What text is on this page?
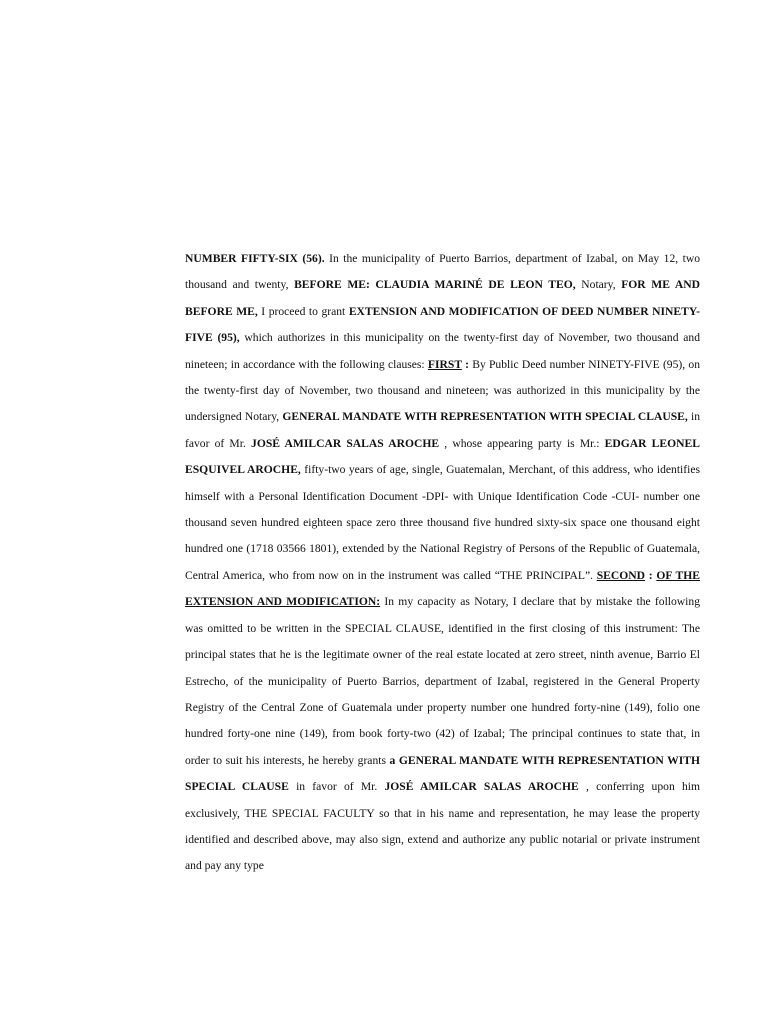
NUMBER FIFTY-SIX (56). In the municipality of Puerto Barrios, department of Izabal, on May 12, two thousand and twenty, BEFORE ME: CLAUDIA MARINÉ DE LEON TEO, Notary, FOR ME AND BEFORE ME, I proceed to grant EXTENSION AND MODIFICATION OF DEED NUMBER NINETY-FIVE (95), which authorizes in this municipality on the twenty-first day of November, two thousand and nineteen; in accordance with the following clauses: FIRST : By Public Deed number NINETY-FIVE (95), on the twenty-first day of November, two thousand and nineteen; was authorized in this municipality by the undersigned Notary, GENERAL MANDATE WITH REPRESENTATION WITH SPECIAL CLAUSE, in favor of Mr. JOSÉ AMILCAR SALAS AROCHE , whose appearing party is Mr.: EDGAR LEONEL ESQUIVEL AROCHE, fifty-two years of age, single, Guatemalan, Merchant, of this address, who identifies himself with a Personal Identification Document -DPI- with Unique Identification Code -CUI- number one thousand seven hundred eighteen space zero three thousand five hundred sixty-six space one thousand eight hundred one (1718 03566 1801), extended by the National Registry of Persons of the Republic of Guatemala, Central America, who from now on in the instrument was called “THE PRINCIPAL”. SECOND : OF THE EXTENSION AND MODIFICATION: In my capacity as Notary, I declare that by mistake the following was omitted to be written in the SPECIAL CLAUSE, identified in the first closing of this instrument: The principal states that he is the legitimate owner of the real estate located at zero street, ninth avenue, Barrio El Estrecho, of the municipality of Puerto Barrios, department of Izabal, registered in the General Property Registry of the Central Zone of Guatemala under property number one hundred forty-nine (149), folio one hundred forty-one nine (149), from book forty-two (42) of Izabal; The principal continues to state that, in order to suit his interests, he hereby grants a GENERAL MANDATE WITH REPRESENTATION WITH SPECIAL CLAUSE in favor of Mr. JOSÉ AMILCAR SALAS AROCHE , conferring upon him exclusively, THE SPECIAL FACULTY so that in his name and representation, he may lease the property identified and described above, may also sign, extend and authorize any public notarial or private instrument and pay any type
